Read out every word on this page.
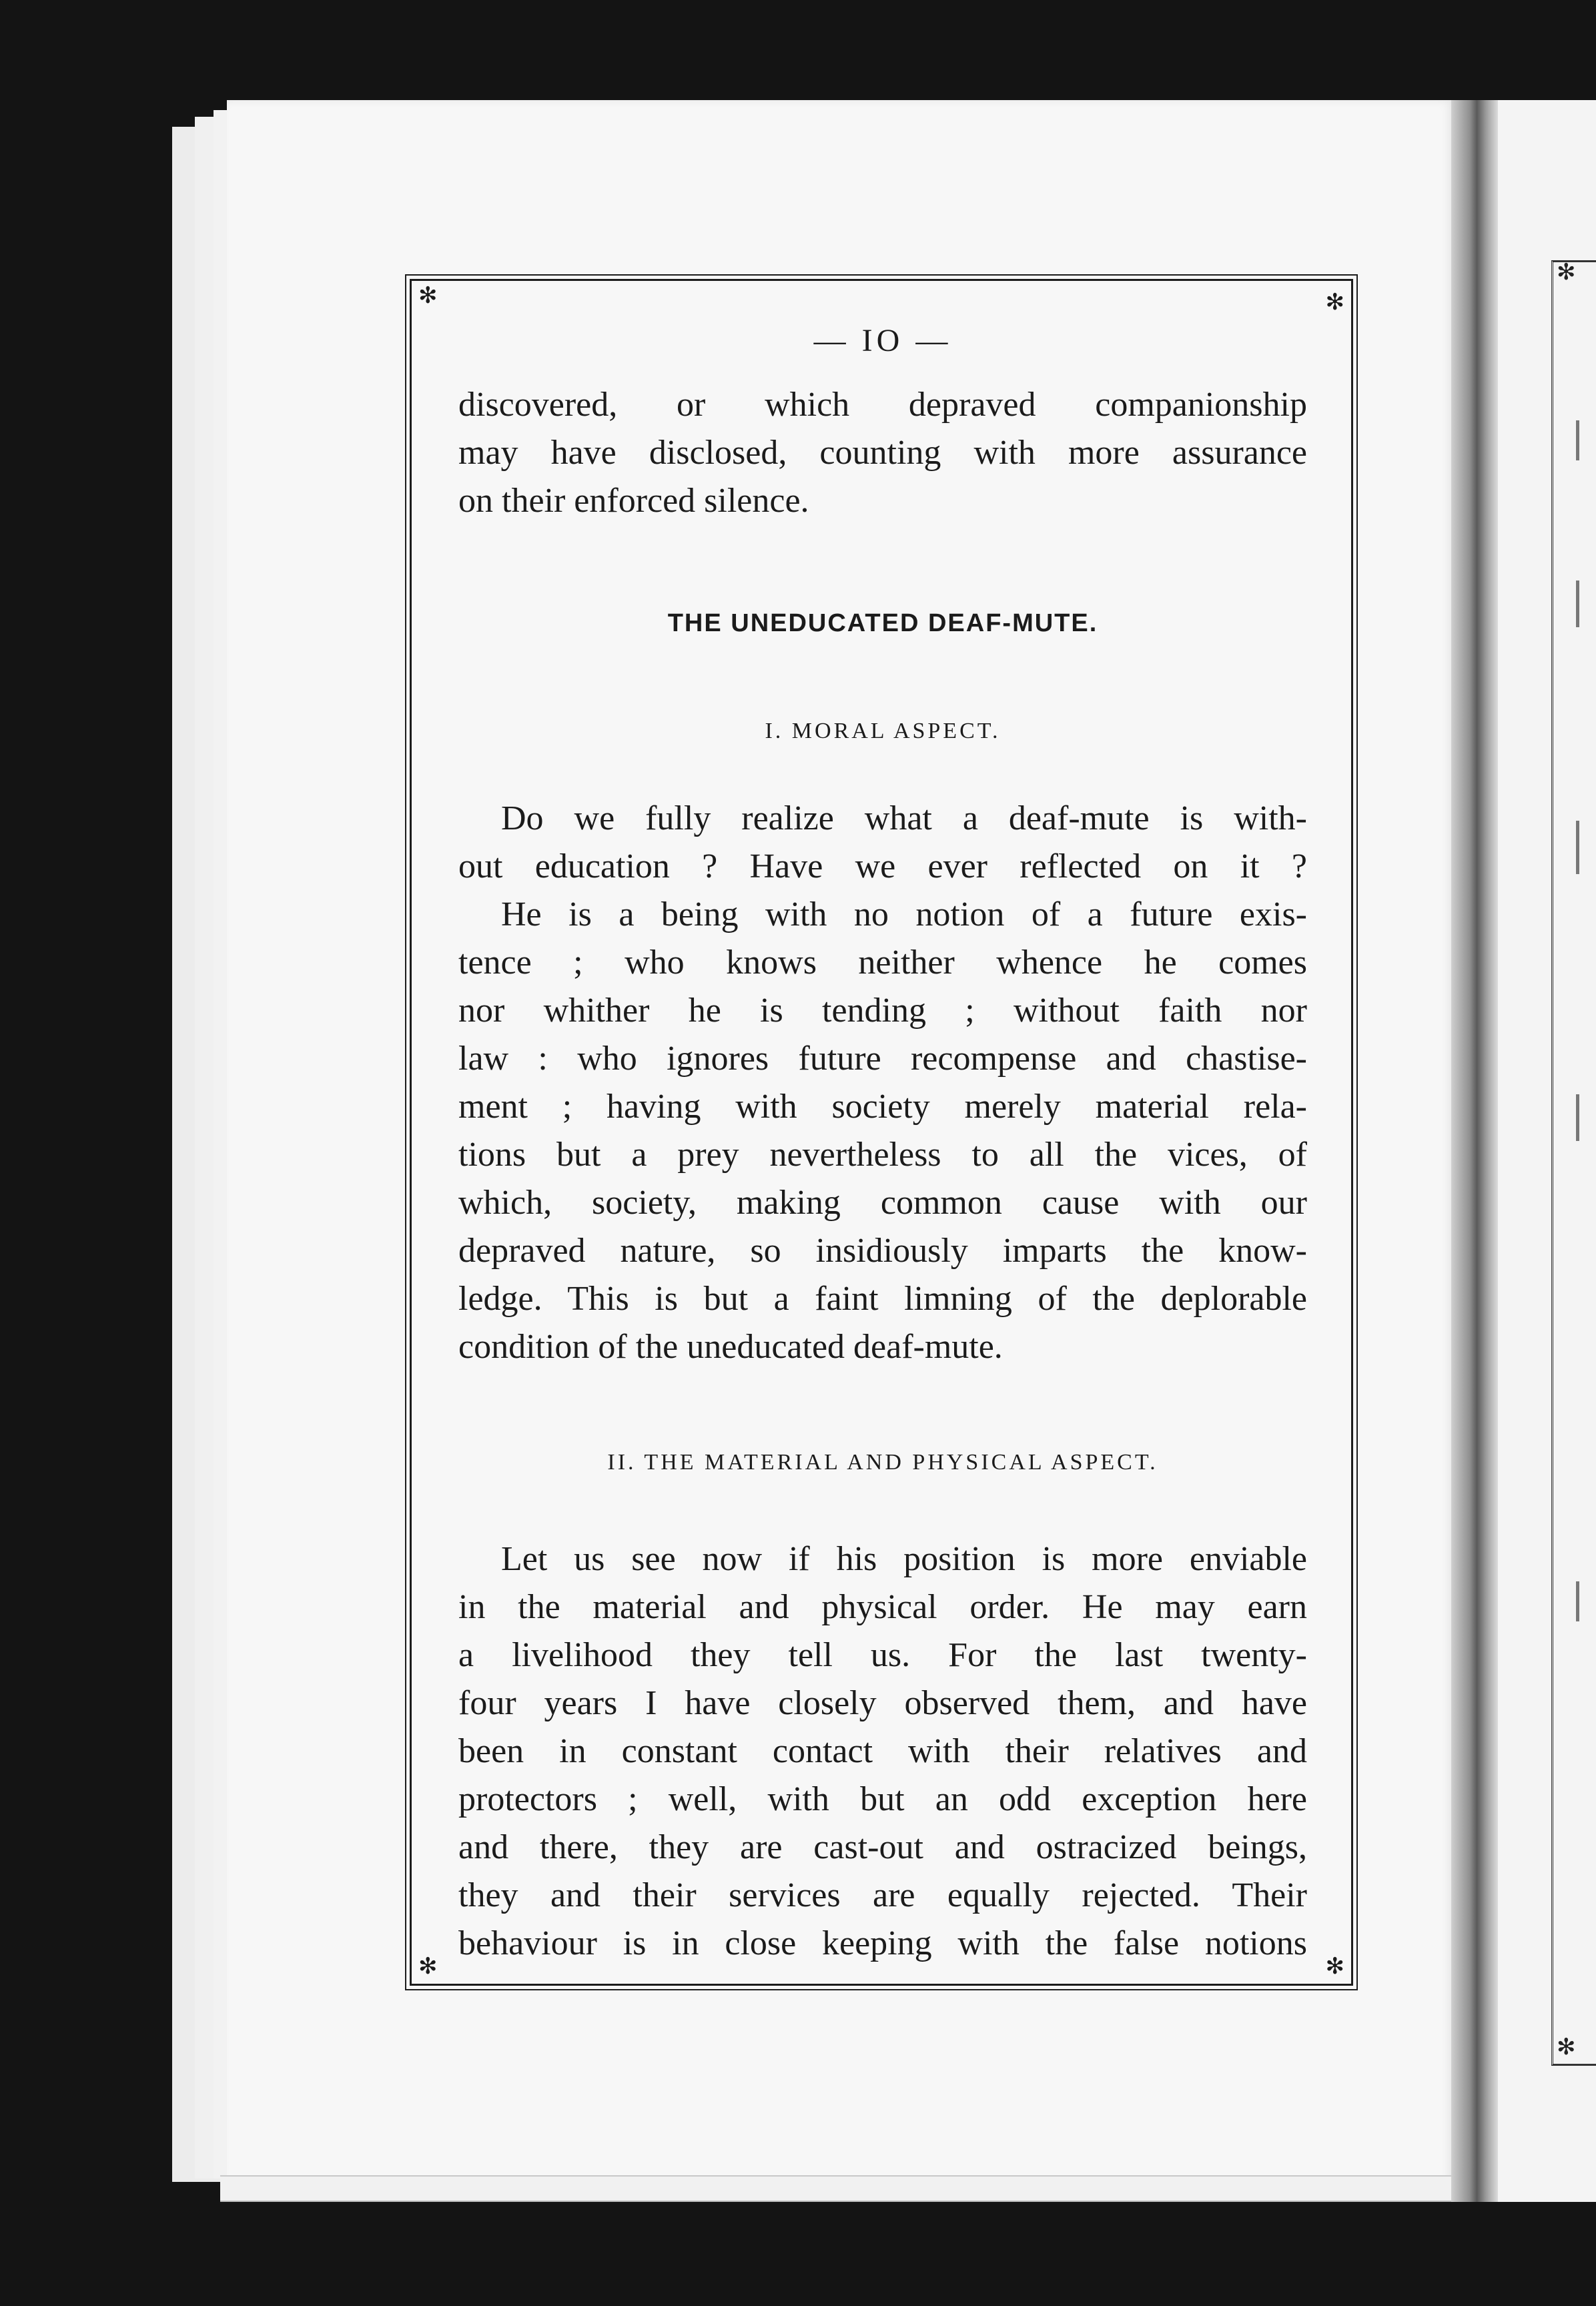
✻	✻
✻	✻
— IO —
discovered, or which depraved companionship
may have disclosed, counting with more assurance
on their enforced silence.
THE UNEDUCATED DEAF-MUTE.
I. MORAL ASPECT.
Do we fully realize what a deaf-mute is with-
out education ? Have we ever reflected on it ?
He is a being with no notion of a future exis-
tence ; who knows neither whence he comes
nor whither he is tending ; without faith nor
law : who ignores future recompense and chastise-
ment ; having with society merely material rela-
tions but a prey nevertheless to all the vices, of
which, society, making common cause with our
depraved nature, so insidiously imparts the know-
ledge. This is but a faint limning of the deplorable
condition of the uneducated deaf-mute.
II. THE MATERIAL AND PHYSICAL ASPECT.
Let us see now if his position is more enviable
in the material and physical order. He may earn
a livelihood they tell us. For the last twenty-
four years I have closely observed them, and have
been in constant contact with their relatives and
protectors ; well, with but an odd exception here
and there, they are cast-out and ostracized beings,
they and their services are equally rejected. Their
behaviour is in close keeping with the false notions
✻
✻
